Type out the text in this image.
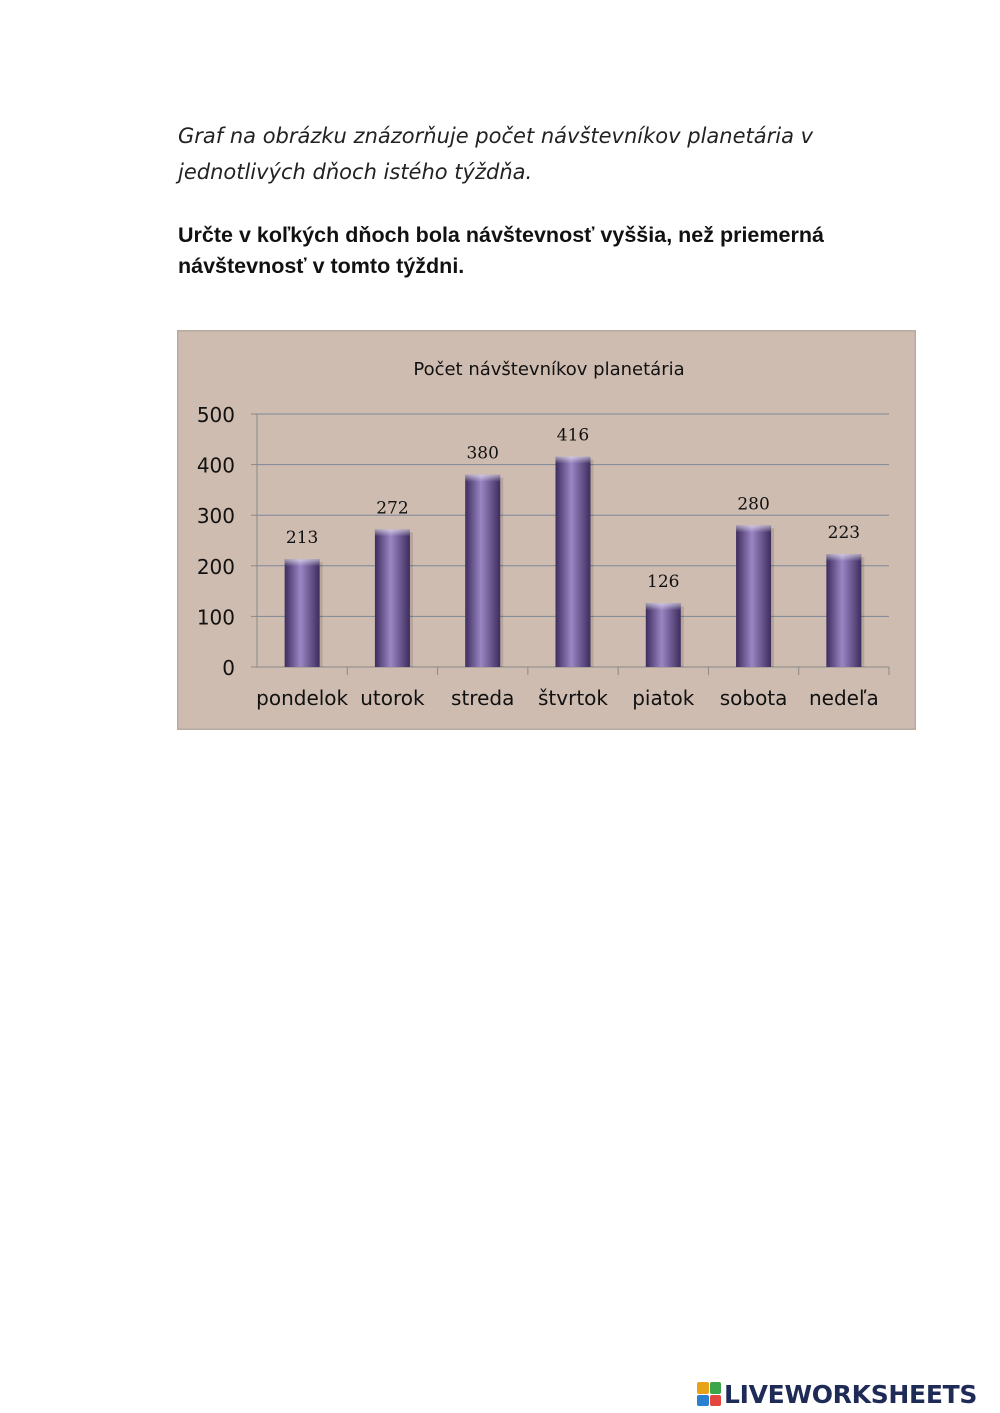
Graf na obrázku znázorňuje počet návštevníkov planetária v jednotlivých dňoch istého týždňa.

Určte v koľkých dňoch bola návštevnosť vyššia, než priemerná návštevnosť v tomto týždni.

Počet návštevníkov planetária
0
100
200
300
400
500
213
272
380
416
126
280
223
pondelok utorok streda štvrtok piatok sobota nedeľa
LIVEWORKSHEETS
